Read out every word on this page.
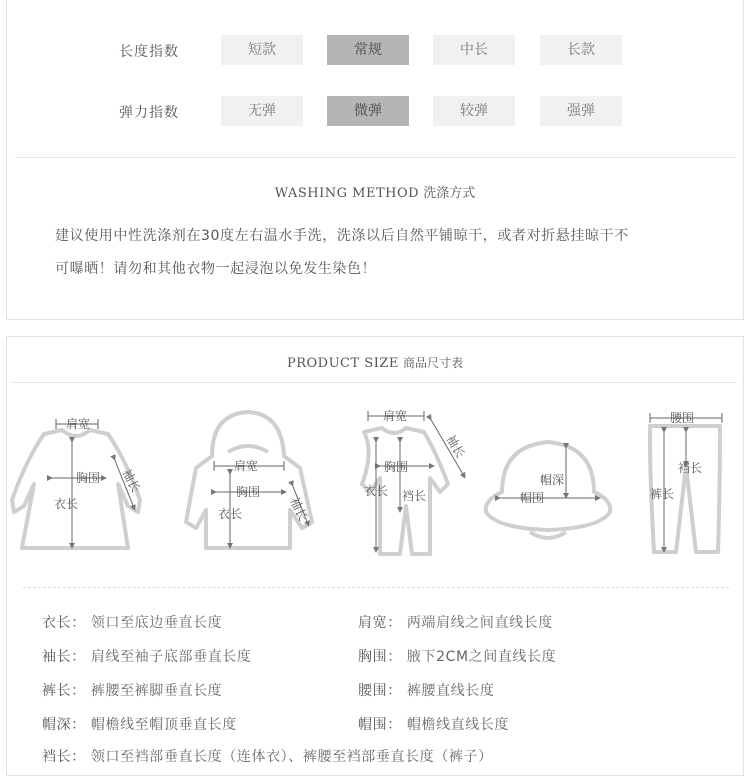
长度指数	短款	常规	中长	长款
弹力指数	无弹	微弹	较弹	强弹
WASHING METHOD 洗涤方式
建议使用中性洗涤剂在30度左右温水手洗，洗涤以后自然平铺晾干，或者对折悬挂晾干不
可曝晒！请勿和其他衣物一起浸泡以免发生染色！
PRODUCT SIZE 商品尺寸表
肩宽
胸围
衣长
袖长
肩宽
胸围
衣长	袖长
肩宽
胸围
衣长 裆长
袖长
帽深
帽围
腰围
裆长
裤长
衣长： 领口至底边垂直长度	肩宽： 两端肩线之间直线长度
袖长： 肩线至袖子底部垂直长度	胸围： 腋下2CM之间直线长度
裤长： 裤腰至裤脚垂直长度	腰围： 裤腰直线长度
帽深： 帽檐线至帽顶垂直长度	帽围： 帽檐线直线长度
裆长： 领口至裆部垂直长度（连体衣）、裤腰至裆部垂直长度（裤子）
